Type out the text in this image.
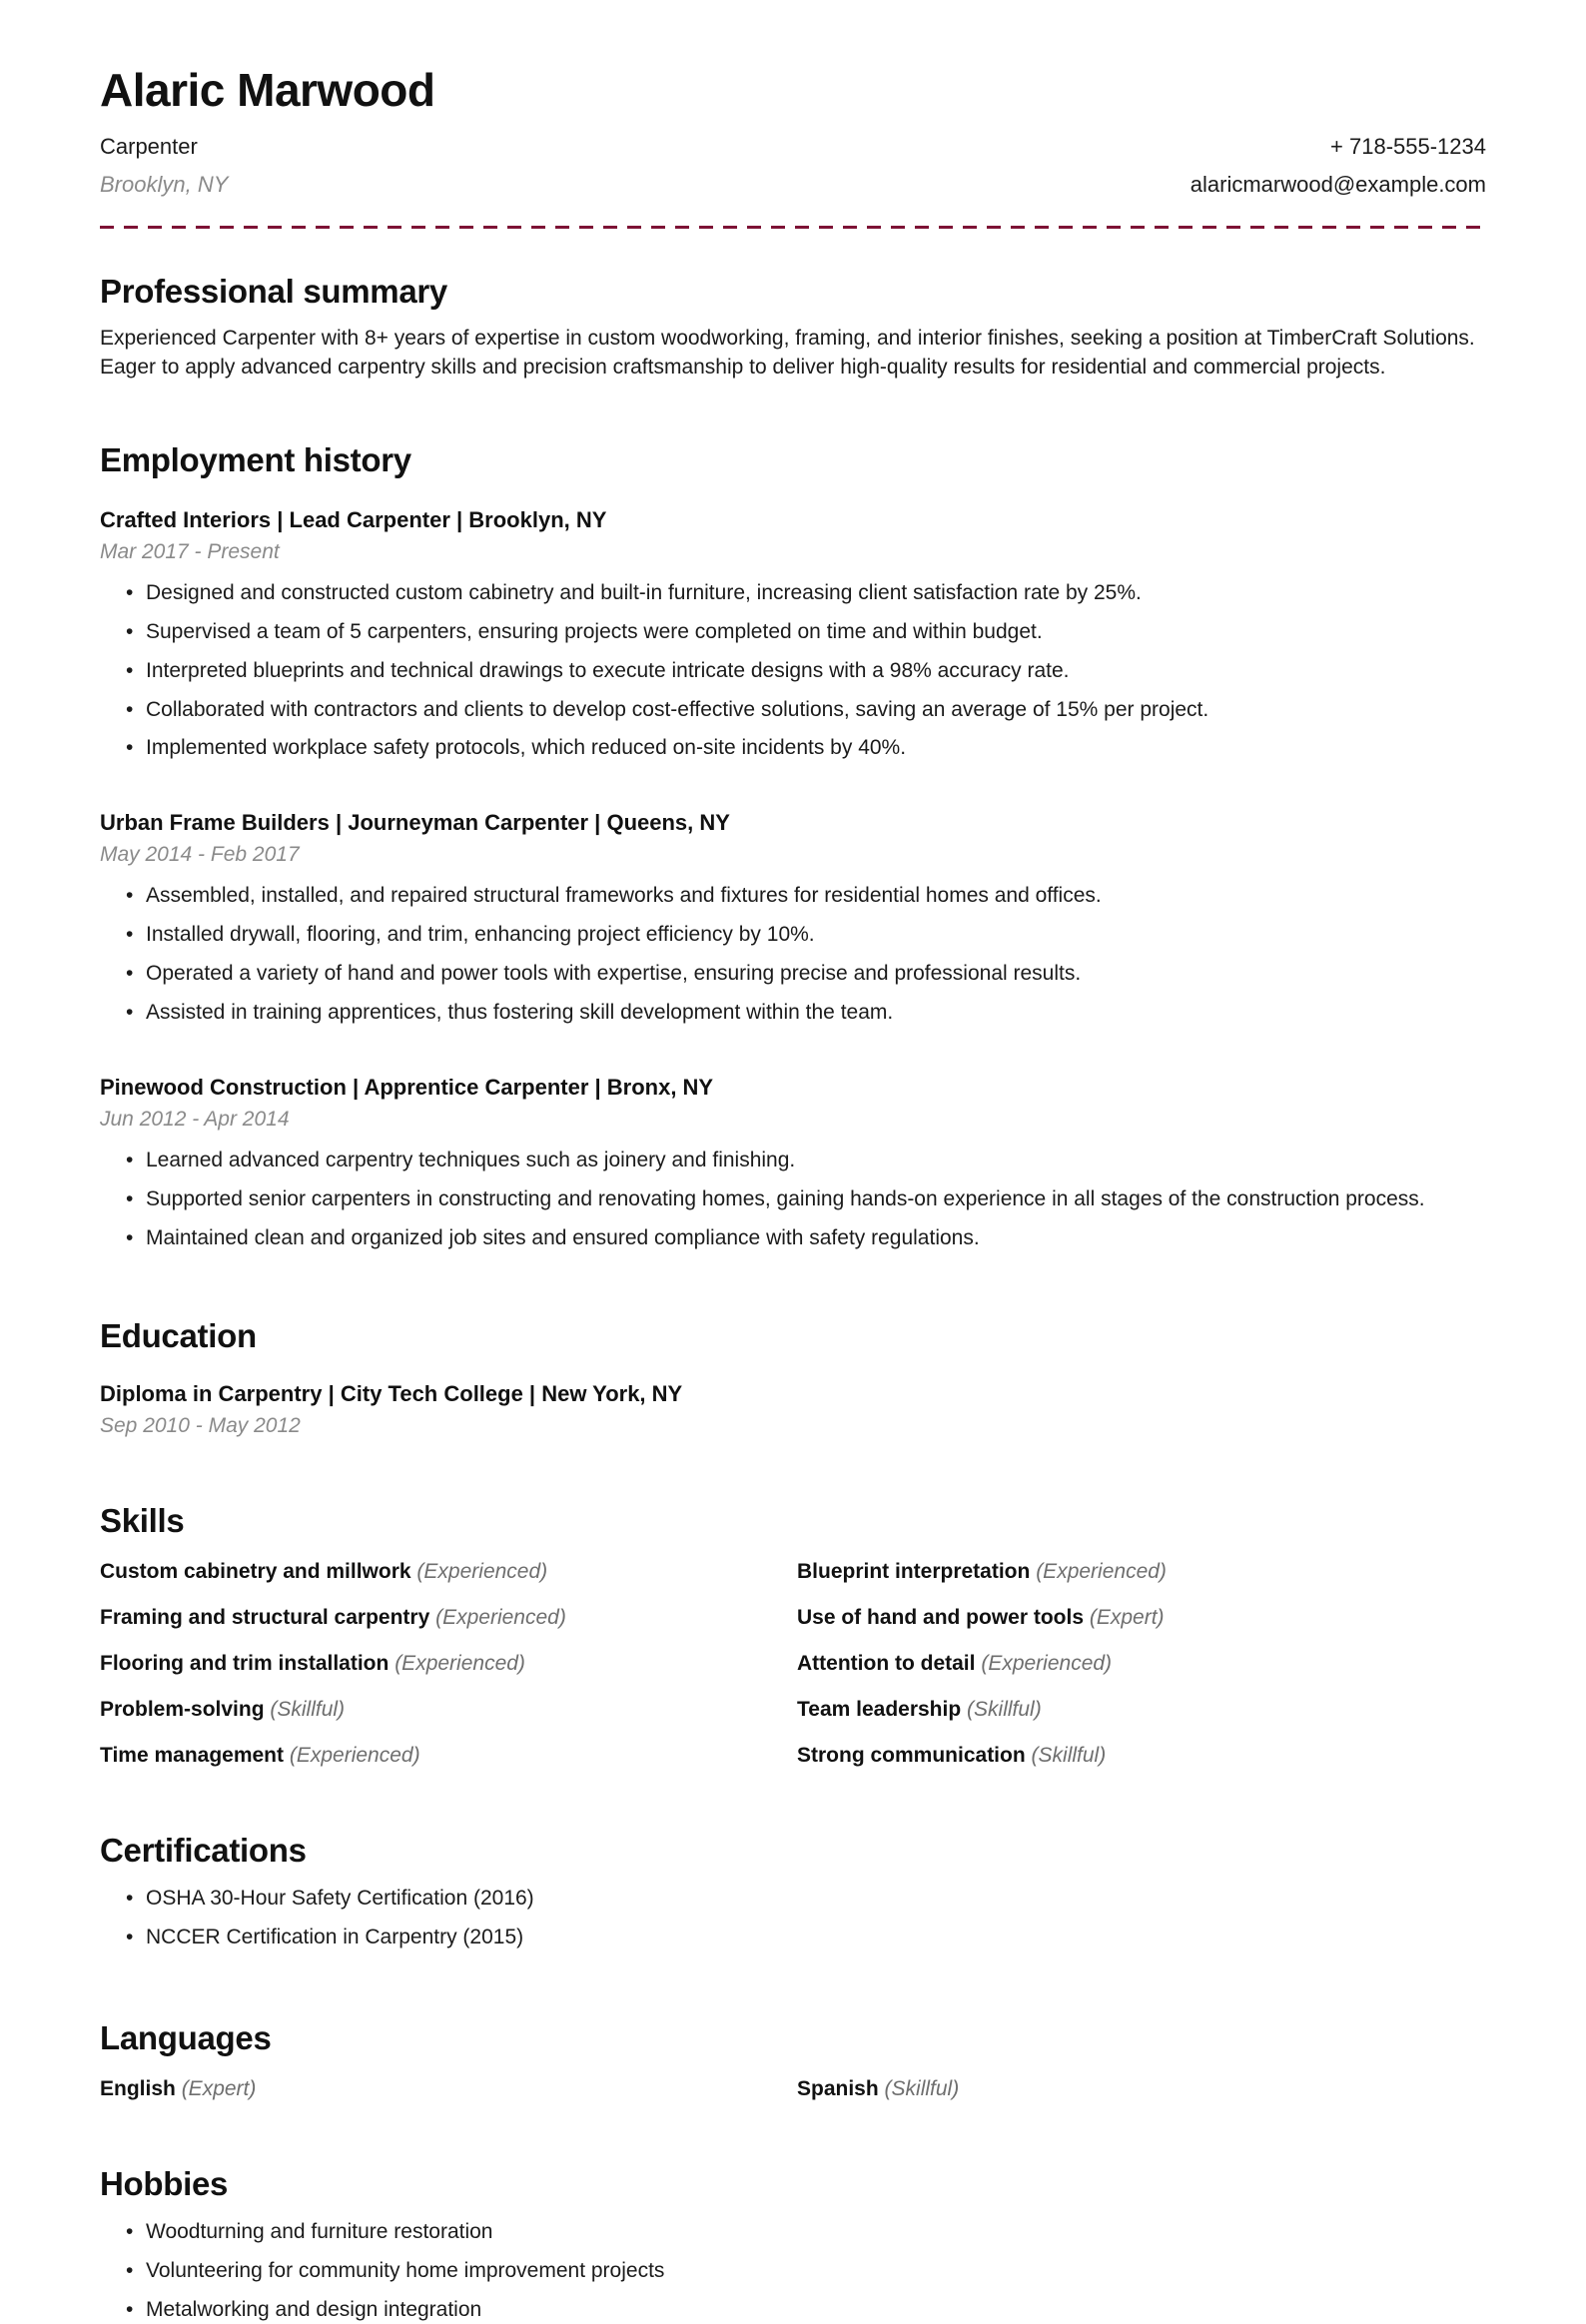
Alaric Marwood
Carpenter	+ 718-555-1234
Brooklyn, NY	alaricmarwood@example.com
Professional summary

Experienced Carpenter with 8+ years of expertise in custom woodworking, framing, and interior finishes, seeking a position at TimberCraft Solutions. Eager to apply advanced carpentry skills and precision craftsmanship to deliver high-quality results for residential and commercial projects.

Employment history
Crafted Interiors | Lead Carpenter | Brooklyn, NY
Mar 2017 - Present
• Designed and constructed custom cabinetry and built-in furniture, increasing client satisfaction rate by 25%.
• Supervised a team of 5 carpenters, ensuring projects were completed on time and within budget.
• Interpreted blueprints and technical drawings to execute intricate designs with a 98% accuracy rate.
• Collaborated with contractors and clients to develop cost-effective solutions, saving an average of 15% per project.
• Implemented workplace safety protocols, which reduced on-site incidents by 40%.
Urban Frame Builders | Journeyman Carpenter | Queens, NY
May 2014 - Feb 2017
• Assembled, installed, and repaired structural frameworks and fixtures for residential homes and offices.
• Installed drywall, flooring, and trim, enhancing project efficiency by 10%.
• Operated a variety of hand and power tools with expertise, ensuring precise and professional results.
• Assisted in training apprentices, thus fostering skill development within the team.
Pinewood Construction | Apprentice Carpenter | Bronx, NY
Jun 2012 - Apr 2014
• Learned advanced carpentry techniques such as joinery and finishing.
• Supported senior carpenters in constructing and renovating homes, gaining hands-on experience in all stages of the construction process.
• Maintained clean and organized job sites and ensured compliance with safety regulations.
Education
Diploma in Carpentry | City Tech College | New York, NY
Sep 2010 - May 2012
Skills
Custom cabinetry and millwork (Experienced)	Blueprint interpretation (Experienced)
Framing and structural carpentry (Experienced)	Use of hand and power tools (Expert)
Flooring and trim installation (Experienced)	Attention to detail (Experienced)
Problem-solving (Skillful)	Team leadership (Skillful)
Time management (Experienced)	Strong communication (Skillful)
Certifications
• OSHA 30-Hour Safety Certification (2016)
• NCCER Certification in Carpentry (2015)
Languages
English (Expert)	Spanish (Skillful)
Hobbies
• Woodturning and furniture restoration
• Volunteering for community home improvement projects
• Metalworking and design integration
